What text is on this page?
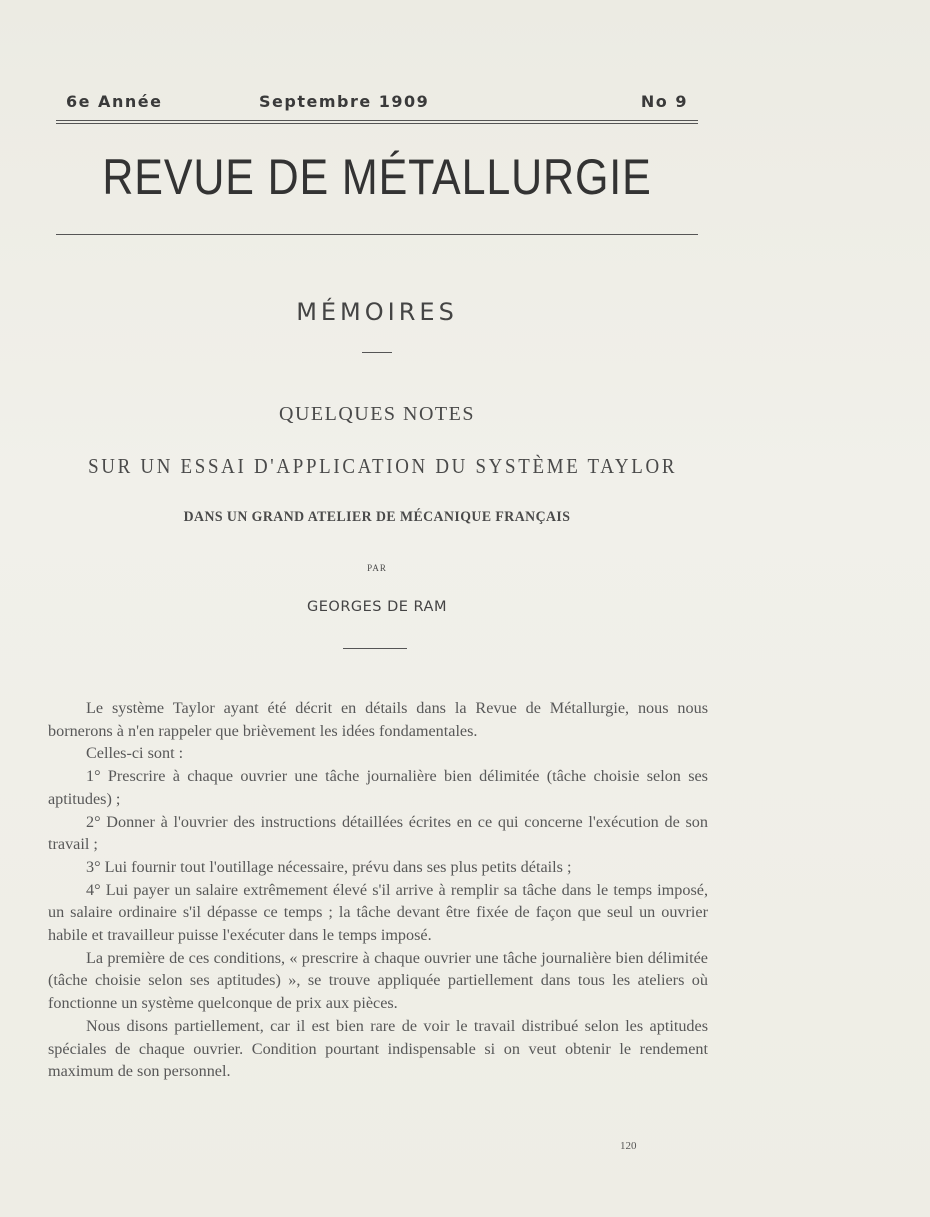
6e Année	Septembre 1909	No 9
REVUE DE MÉTALLURGIE
MÉMOIRES
QUELQUES NOTES
SUR UN ESSAI D'APPLICATION DU SYSTÈME TAYLOR
DANS UN GRAND ATELIER DE MÉCANIQUE FRANÇAIS
PAR
GEORGES DE RAM

Le système Taylor ayant été décrit en détails dans la Revue de Métallurgie, nous nous bornerons à n'en rappeler que brièvement les idées fondamentales.

Celles-ci sont :

1° Prescrire à chaque ouvrier une tâche journalière bien délimitée (tâche choisie selon ses aptitudes) ;

2° Donner à l'ouvrier des instructions détaillées écrites en ce qui concerne l'exécution de son travail ;

3° Lui fournir tout l'outillage nécessaire, prévu dans ses plus petits détails ;

4° Lui payer un salaire extrêmement élevé s'il arrive à remplir sa tâche dans le temps imposé, un salaire ordinaire s'il dépasse ce temps ; la tâche devant être fixée de façon que seul un ouvrier habile et travailleur puisse l'exécuter dans le temps imposé.

La première de ces conditions, « prescrire à chaque ouvrier une tâche journalière bien délimitée (tâche choisie selon ses aptitudes) », se trouve appliquée partiellement dans tous les ateliers où fonctionne un système quelconque de prix aux pièces.

Nous disons partiellement, car il est bien rare de voir le travail distribué selon les aptitudes spéciales de chaque ouvrier. Condition pourtant indispensable si on veut obtenir le rendement maximum de son personnel.

120
